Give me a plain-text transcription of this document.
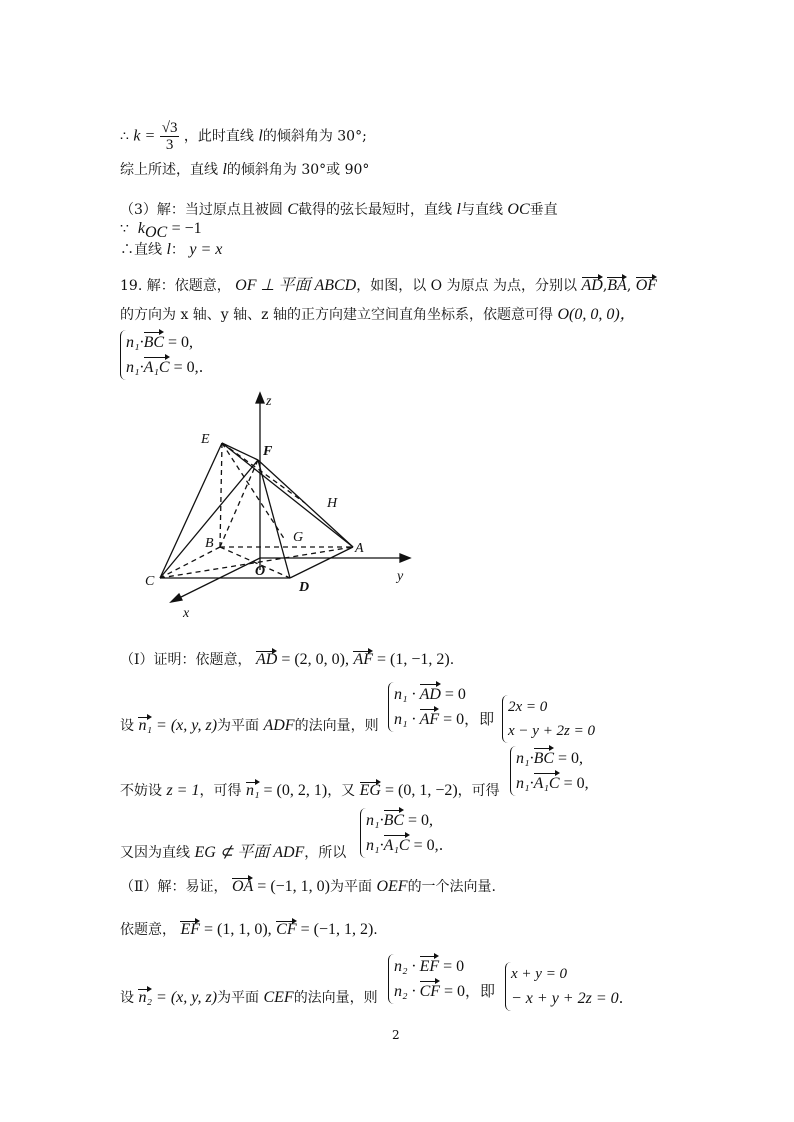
∴ $k = \frac{√3}{3}$ ，此时直线 l的倾斜角为 30°;
综上所述，直线 l的倾斜角为 30°或 90°
（3）解：当过原点且被圆 C截得的弦长最短时，直线 l与直线 OC垂直
∵ $k_{OC} = -1$
∴直线 l： y = x
19. 解：依题意， OF ⊥ 平面 ABCD，如图，以 O 为原点 为点，分别以 AD,BA, OF
的方向为 x 轴、y 轴、z 轴的正方向建立空间直角坐标系，依题意可得 O(0, 0, 0)，
n₁·BC = 0,
n₁·A₁C = 0,.
z
y
x
E
F
H
B	G
A
C
O
D
（Ⅰ）证明：依题意， AD = (2, 0, 0), AF = (1, −1, 2).
设 n₁ = (x, y, z)为平面 ADF的法向量，则
n₁ · AD = 0
n₁ · AF = 0，即
2x = 0
x − y + 2z = 0
不妨设 z = 1，可得 n₁ = (0, 2, 1)，又 EG = (0, 1, −2)，可得
n₁·BC = 0,
n₁·A₁C = 0,
又因为直线 EG ⊄ 平面 ADF，所以
n₁·BC = 0,
n₁·A₁C = 0,.
（Ⅱ）解：易证， OA = (−1, 1, 0)为平面 OEF的一个法向量.
依题意， EF = (1, 1, 0), CF = (−1, 1, 2).
设 n₂ = (x, y, z)为平面 CEF的法向量，则
n₂ · EF = 0
n₂ · CF = 0，即
x + y = 0
− x + y + 2z = 0.
2
